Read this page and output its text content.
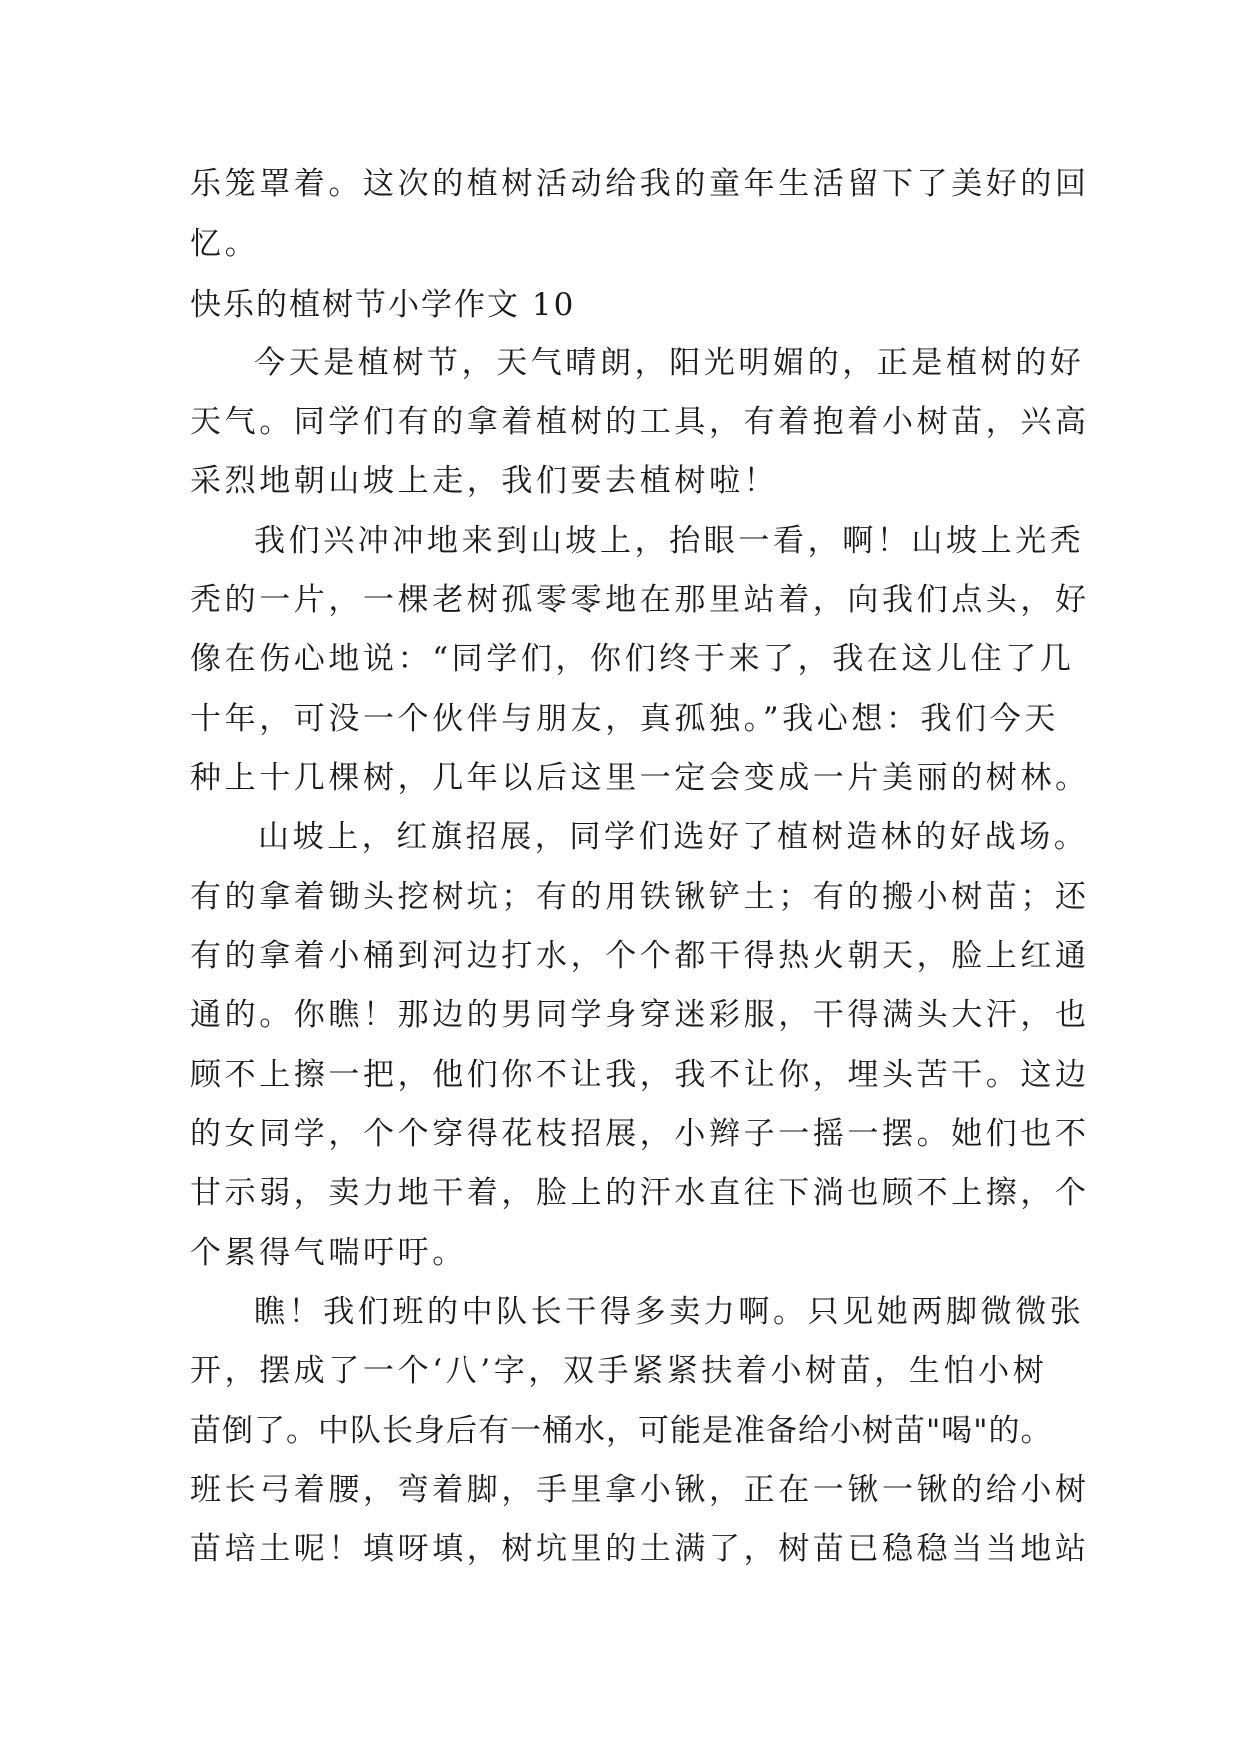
乐笼罩着。这次的植树活动给我的童年生活留下了美好的回
忆。
快乐的植树节小学作文 10
今天是植树节，天气晴朗，阳光明媚的，正是植树的好
天气。同学们有的拿着植树的工具，有着抱着小树苗，兴高
采烈地朝山坡上走，我们要去植树啦！
我们兴冲冲地来到山坡上，抬眼一看，啊！山坡上光秃
秃的一片，一棵老树孤零零地在那里站着，向我们点头，好
像在伤心地说：“同学们，你们终于来了，我在这儿住了几
十年，可没一个伙伴与朋友，真孤独。”我心想：我们今天
种上十几棵树，几年以后这里一定会变成一片美丽的树林。
山坡上，红旗招展，同学们选好了植树造林的好战场。
有的拿着锄头挖树坑；有的用铁锹铲土；有的搬小树苗；还
有的拿着小桶到河边打水，个个都干得热火朝天，脸上红通
通的。你瞧！那边的男同学身穿迷彩服，干得满头大汗，也
顾不上擦一把，他们你不让我，我不让你，埋头苦干。这边
的女同学，个个穿得花枝招展，小辫子一摇一摆。她们也不
甘示弱，卖力地干着，脸上的汗水直往下淌也顾不上擦，个
个累得气喘吁吁。
瞧！我们班的中队长干得多卖力啊。只见她两脚微微张
开，摆成了一个‘八’字，双手紧紧扶着小树苗，生怕小树
苗倒了。中队长身后有一桶水，可能是准备给小树苗"喝"的。
班长弓着腰，弯着脚，手里拿小锹，正在一锹一锹的给小树
苗培土呢！填呀填，树坑里的土满了，树苗已稳稳当当地站
